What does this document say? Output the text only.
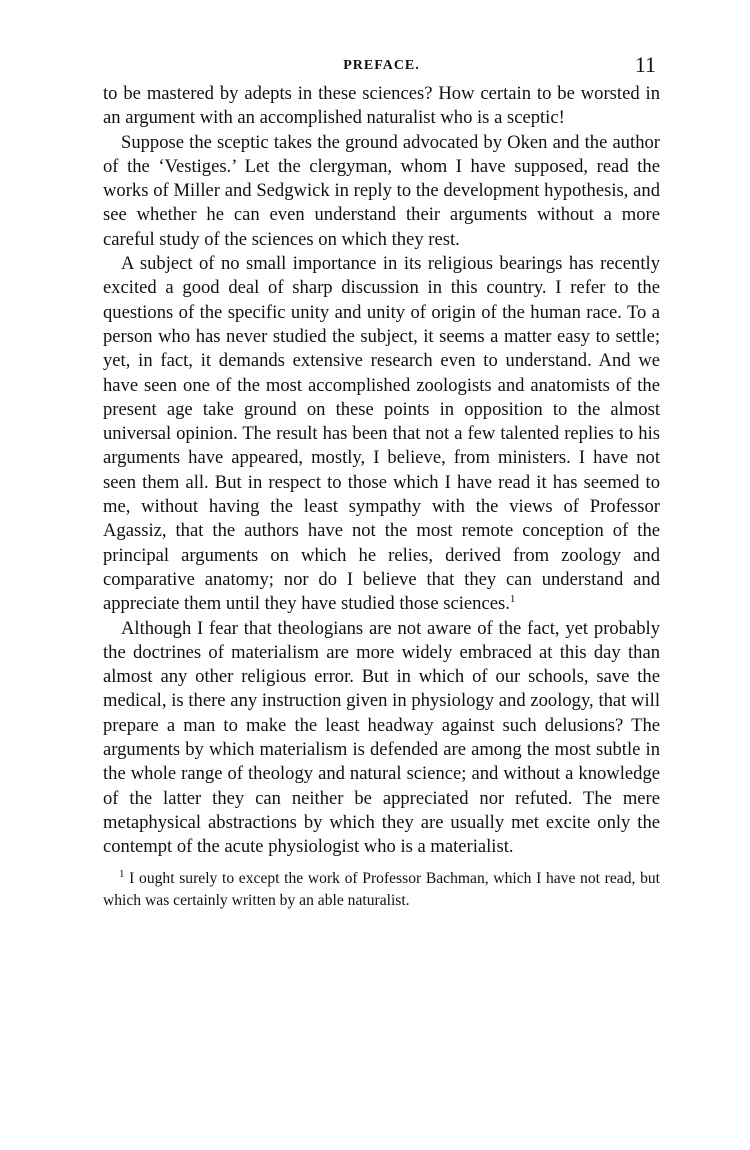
PREFACE.	11

to be mastered by adepts in these sciences? How certain to be worsted in an argument with an accomplished naturalist who is a sceptic!

Suppose the sceptic takes the ground advocated by Oken and the author of the ‘Vestiges.’ Let the clergyman, whom I have supposed, read the works of Miller and Sedgwick in reply to the development hypothesis, and see whether he can even understand their arguments without a more careful study of the sciences on which they rest.

A subject of no small importance in its religious bearings has recently excited a good deal of sharp discussion in this country. I refer to the questions of the specific unity and unity of origin of the human race. To a person who has never studied the subject, it seems a matter easy to settle; yet, in fact, it demands extensive research even to understand. And we have seen one of the most accomplished zoologists and anatomists of the present age take ground on these points in opposition to the almost universal opinion. The result has been that not a few talented replies to his arguments have appeared, mostly, I believe, from ministers. I have not seen them all. But in respect to those which I have read it has seemed to me, without having the least sympathy with the views of Professor Agassiz, that the authors have not the most remote conception of the principal arguments on which he relies, derived from zoology and comparative anatomy; nor do I believe that they can understand and appreciate them until they have studied those sciences.$^1$

Although I fear that theologians are not aware of the fact, yet probably the doctrines of materialism are more widely embraced at this day than almost any other religious error. But in which of our schools, save the medical, is there any instruction given in physiology and zoology, that will prepare a man to make the least headway against such delusions? The arguments by which materialism is defended are among the most subtle in the whole range of theology and natural science; and without a knowledge of the latter they can neither be appreciated nor refuted. The mere metaphysical abstractions by which they are usually met excite only the contempt of the acute physiologist who is a materialist.

$^1$ I ought surely to except the work of Professor Bachman, which I have not read, but which was certainly written by an able naturalist.
